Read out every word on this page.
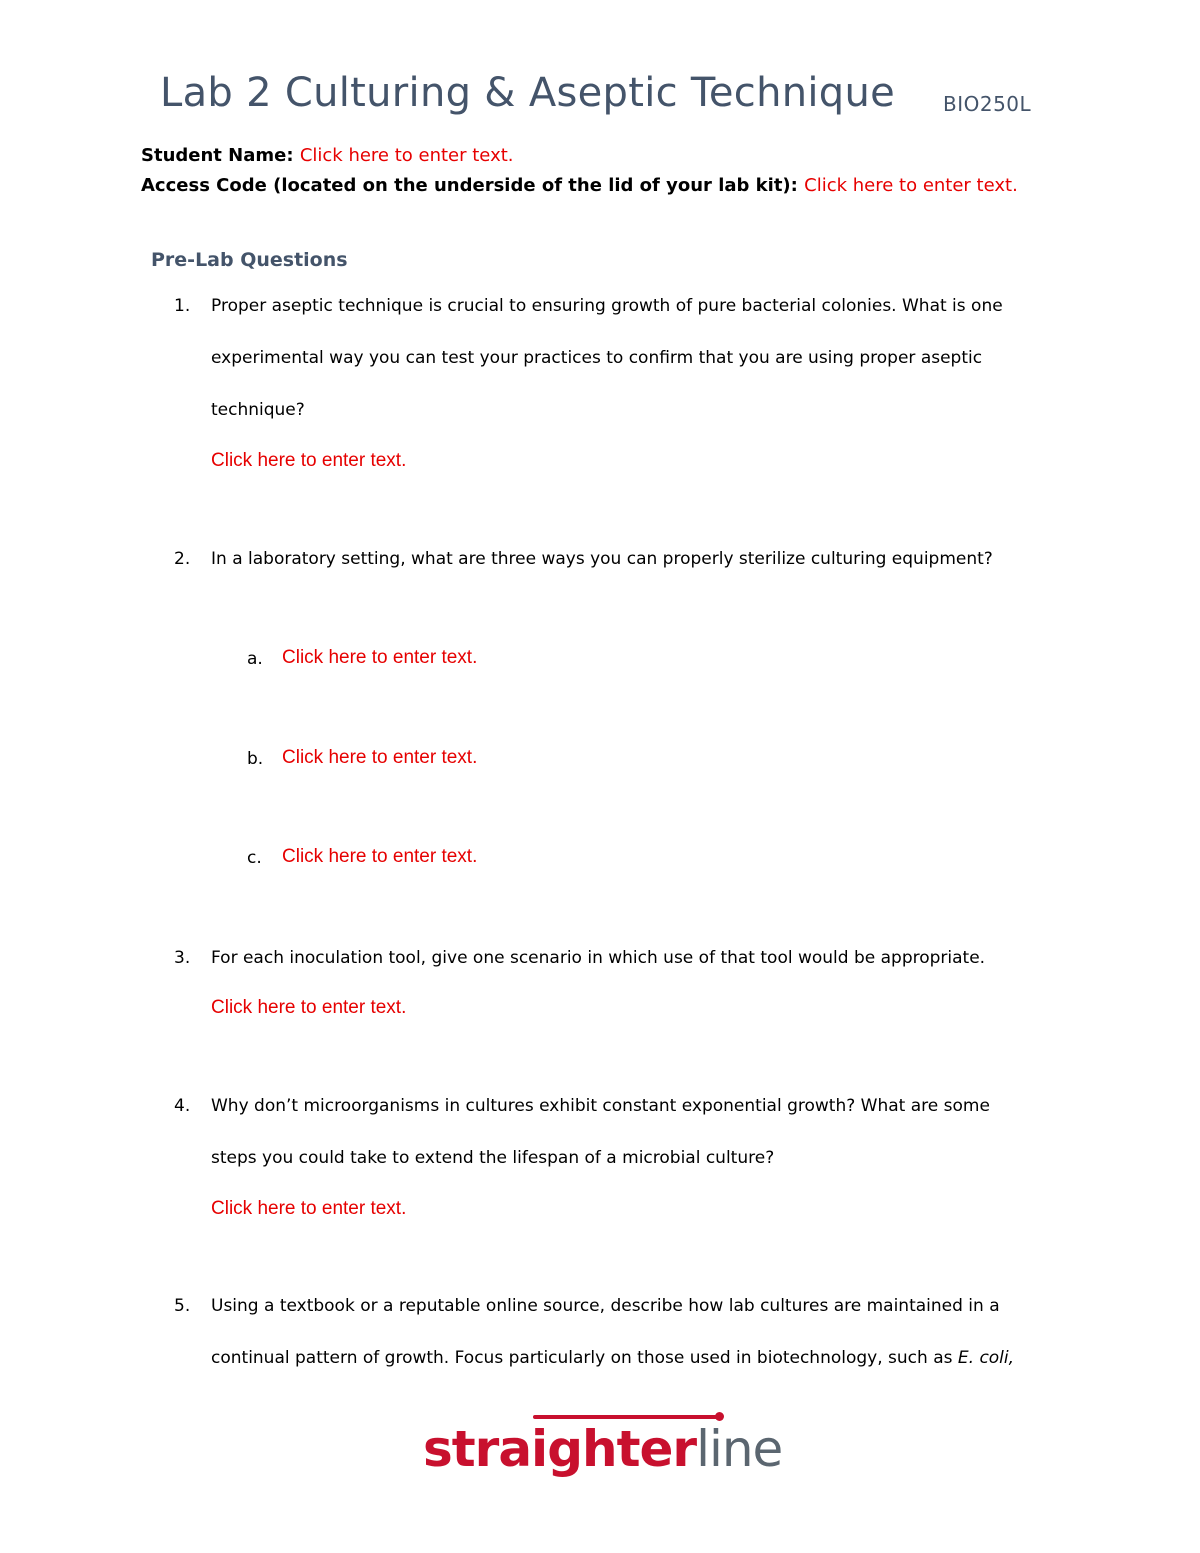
Lab 2 Culturing & Aseptic Technique BIO250L
Student Name: Click here to enter text.
Access Code (located on the underside of the lid of your lab kit): Click here to enter text.
Pre-Lab Questions
1. Proper aseptic technique is crucial to ensuring growth of pure bacterial colonies. What is one
experimental way you can test your practices to confirm that you are using proper aseptic
technique?
Click here to enter text.
2. In a laboratory setting, what are three ways you can properly sterilize culturing equipment?
a. Click here to enter text.
b. Click here to enter text.
c. Click here to enter text.
3. For each inoculation tool, give one scenario in which use of that tool would be appropriate.
Click here to enter text.
4. Why don’t microorganisms in cultures exhibit constant exponential growth? What are some
steps you could take to extend the lifespan of a microbial culture?
Click here to enter text.
5. Using a textbook or a reputable online source, describe how lab cultures are maintained in a
continual pattern of growth. Focus particularly on those used in biotechnology, such as E. coli,
straighterline
